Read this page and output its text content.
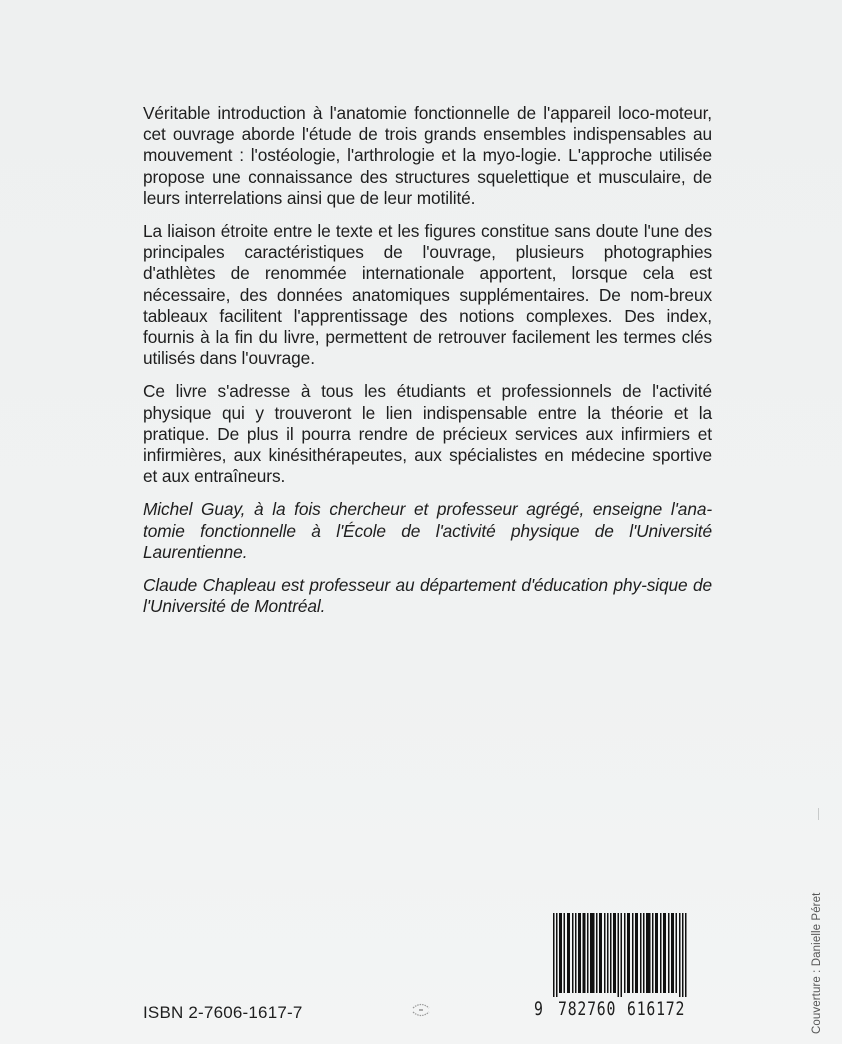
Véritable introduction à l'anatomie fonctionnelle de l'appareil loco-moteur, cet ouvrage aborde l'étude de trois grands ensembles indispensables au mouvement : l'ostéologie, l'arthrologie et la myo-logie. L'approche utilisée propose une connaissance des structures squelettique et musculaire, de leurs interrelations ainsi que de leur motilité.

La liaison étroite entre le texte et les figures constitue sans doute l'une des principales caractéristiques de l'ouvrage, plusieurs photographies d'athlètes de renommée internationale apportent, lorsque cela est nécessaire, des données anatomiques supplémentaires. De nom-breux tableaux facilitent l'apprentissage des notions complexes. Des index, fournis à la fin du livre, permettent de retrouver facilement les termes clés utilisés dans l'ouvrage.

Ce livre s'adresse à tous les étudiants et professionnels de l'activité physique qui y trouveront le lien indispensable entre la théorie et la pratique. De plus il pourra rendre de précieux services aux infirmiers et infirmières, aux kinésithérapeutes, aux spécialistes en médecine sportive et aux entraîneurs.

Michel Guay, à la fois chercheur et professeur agrégé, enseigne l'ana-tomie fonctionnelle à l'École de l'activité physique de l'Université Laurentienne.

Claude Chapleau est professeur au département d'éducation phy-sique de l'Université de Montréal.

ISBN 2-7606-1617-7	9 782760 616172	Couverture : Danielle Péret
